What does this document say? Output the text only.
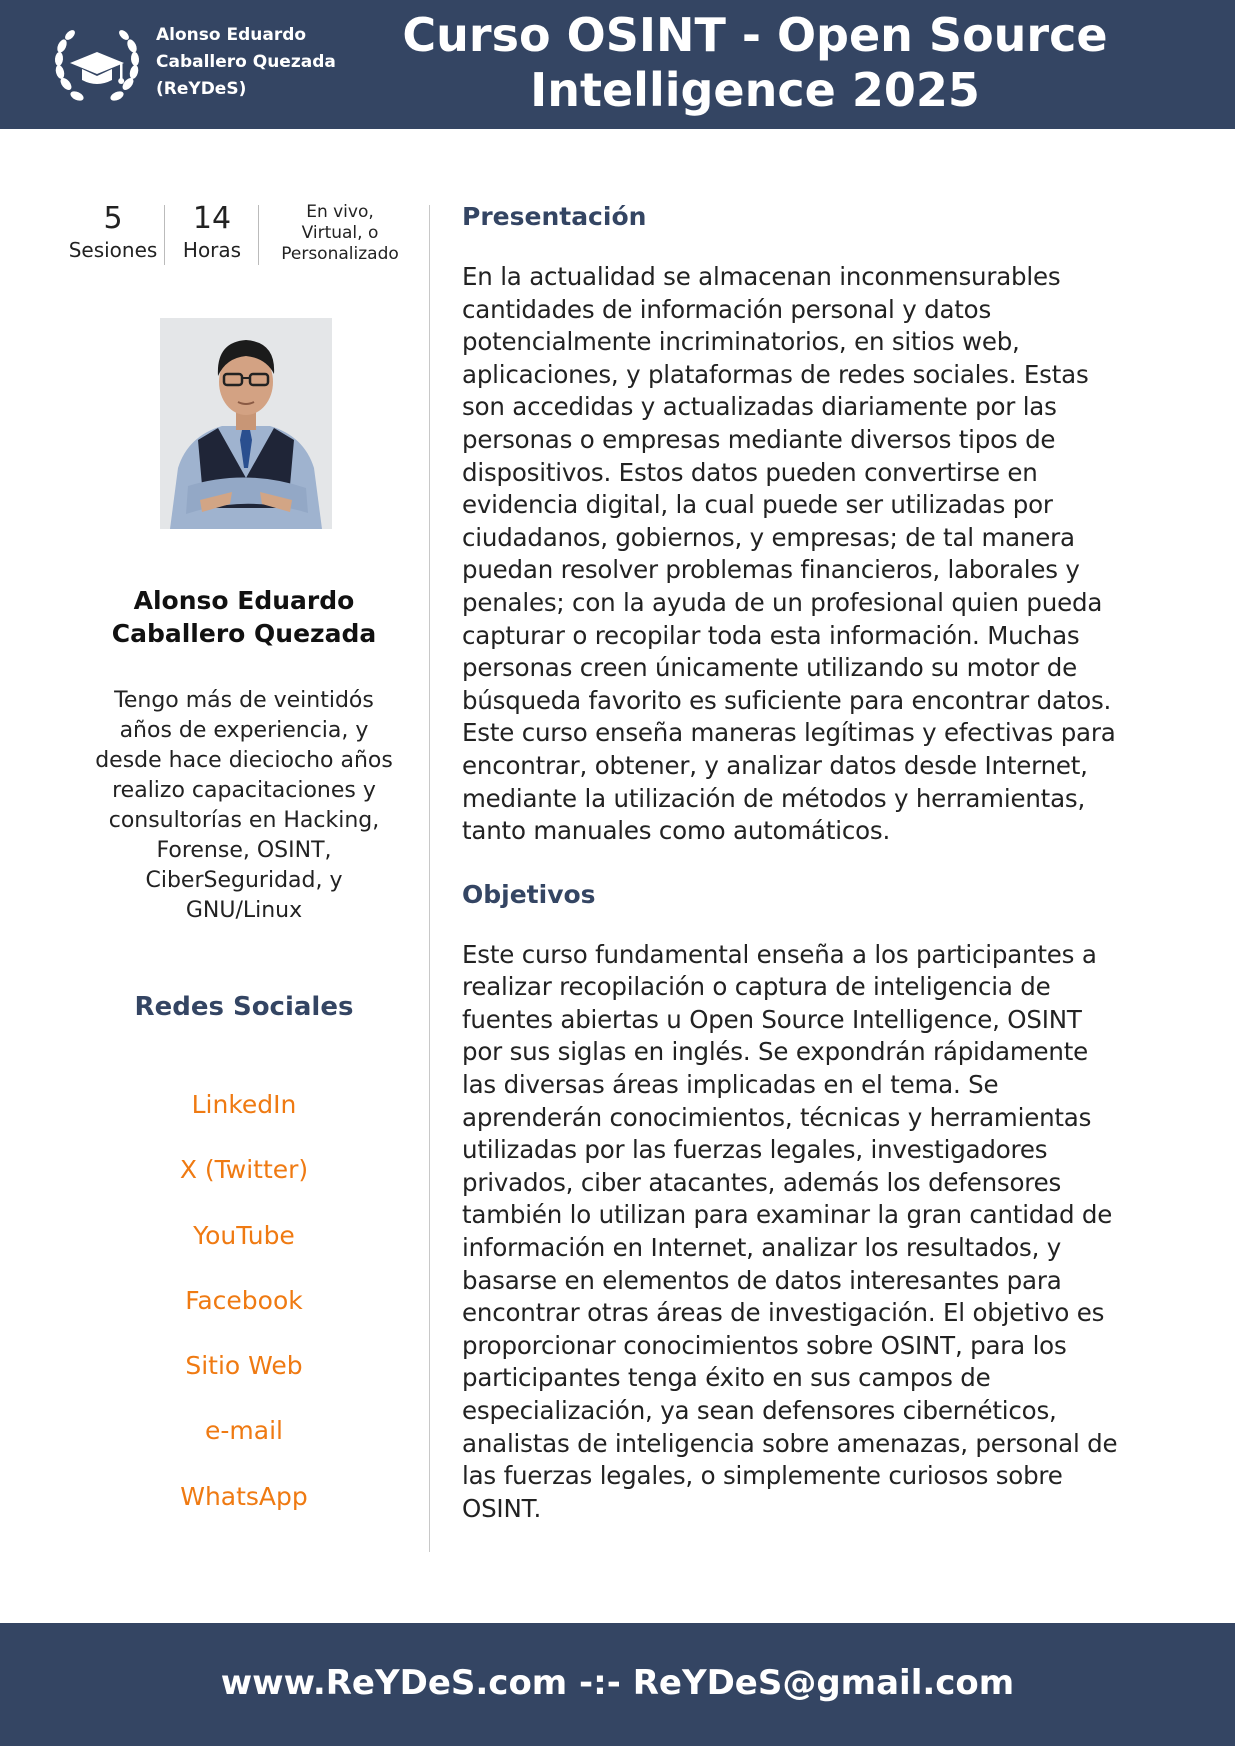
Alonso Eduardo
Caballero Quezada
(ReYDeS)
Curso OSINT - Open Source
Intelligence 2025
5
Sesiones
14
Horas
En vivo,
Virtual, o
Personalizado
Alonso Eduardo
Caballero Quezada
Tengo más de veintidós
años de experiencia, y
desde hace dieciocho años
realizo capacitaciones y
consultorías en Hacking,
Forense, OSINT,
CiberSeguridad, y
GNU/Linux
Redes Sociales
LinkedIn
X (Twitter)
YouTube
Facebook
Sitio Web
e-mail
WhatsApp
Presentación
En la actualidad se almacenan inconmensurables
cantidades de información personal y datos
potencialmente incriminatorios, en sitios web,
aplicaciones, y plataformas de redes sociales. Estas
son accedidas y actualizadas diariamente por las
personas o empresas mediante diversos tipos de
dispositivos. Estos datos pueden convertirse en
evidencia digital, la cual puede ser utilizadas por
ciudadanos, gobiernos, y empresas; de tal manera
puedan resolver problemas financieros, laborales y
penales; con la ayuda de un profesional quien pueda
capturar o recopilar toda esta información. Muchas
personas creen únicamente utilizando su motor de
búsqueda favorito es suficiente para encontrar datos.
Este curso enseña maneras legítimas y efectivas para
encontrar, obtener, y analizar datos desde Internet,
mediante la utilización de métodos y herramientas,
tanto manuales como automáticos.
Objetivos
Este curso fundamental enseña a los participantes a
realizar recopilación o captura de inteligencia de
fuentes abiertas u Open Source Intelligence, OSINT
por sus siglas en inglés. Se expondrán rápidamente
las diversas áreas implicadas en el tema. Se
aprenderán conocimientos, técnicas y herramientas
utilizadas por las fuerzas legales, investigadores
privados, ciber atacantes, además los defensores
también lo utilizan para examinar la gran cantidad de
información en Internet, analizar los resultados, y
basarse en elementos de datos interesantes para
encontrar otras áreas de investigación. El objetivo es
proporcionar conocimientos sobre OSINT, para los
participantes tenga éxito en sus campos de
especialización, ya sean defensores cibernéticos,
analistas de inteligencia sobre amenazas, personal de
las fuerzas legales, o simplemente curiosos sobre
OSINT.
www.ReYDeS.com -:- ReYDeS@gmail.com
